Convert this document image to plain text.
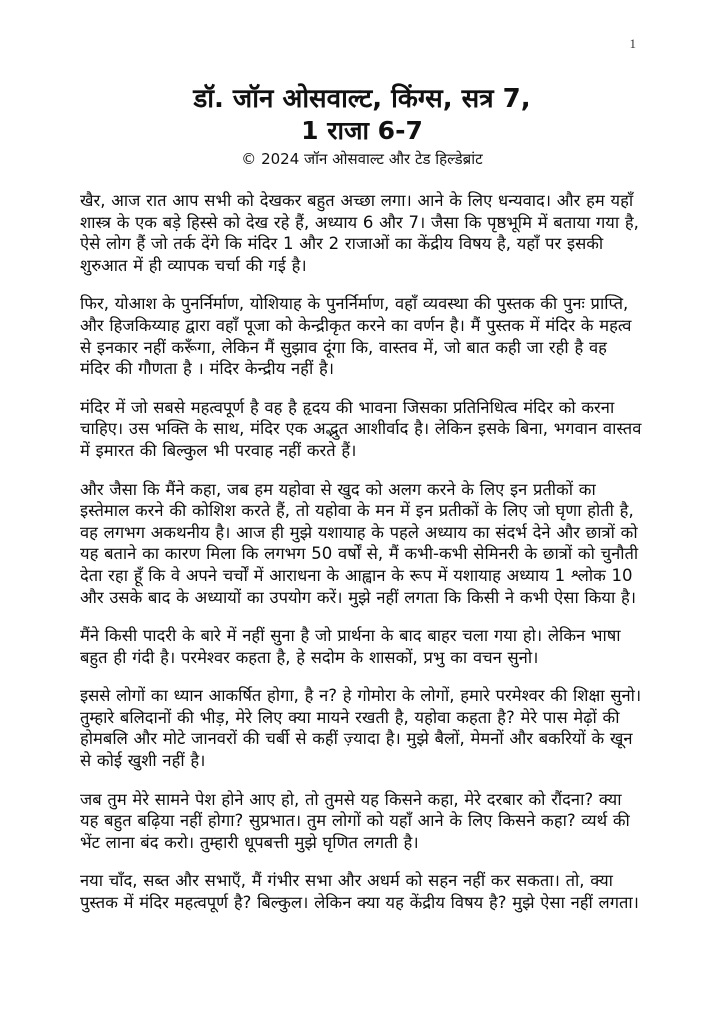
1
डॉ. जॉन ओसवाल्ट, किंग्स, सत्र 7,
1 राजा 6-7
© 2024 जॉन ओसवाल्ट और टेड हिल्डेब्रांट

खैर, आज रात आप सभी को देखकर बहुत अच्छा लगा। आने के लिए धन्यवाद। और हम यहाँ शास्त्र के एक बड़े हिस्से को देख रहे हैं, अध्याय 6 और 7। जैसा कि पृष्ठभूमि में बताया गया है, ऐसे लोग हैं जो तर्क देंगे कि मंदिर 1 और 2 राजाओं का केंद्रीय विषय है, यहाँ पर इसकी शुरुआत में ही व्यापक चर्चा की गई है।

फिर, योआश के पुनर्निर्माण, योशियाह के पुनर्निर्माण, वहाँ व्यवस्था की पुस्तक की पुनः प्राप्ति, और हिजकिय्याह द्वारा वहाँ पूजा को केन्द्रीकृत करने का वर्णन है। मैं पुस्तक में मंदिर के महत्व से इनकार नहीं करूँगा, लेकिन मैं सुझाव दूंगा कि, वास्तव में, जो बात कही जा रही है वह मंदिर की गौणता है । मंदिर केन्द्रीय नहीं है।

मंदिर में जो सबसे महत्वपूर्ण है वह है हृदय की भावना जिसका प्रतिनिधित्व मंदिर को करना चाहिए। उस भक्ति के साथ, मंदिर एक अद्भुत आशीर्वाद है। लेकिन इसके बिना, भगवान वास्तव में इमारत की बिल्कुल भी परवाह नहीं करते हैं।

और जैसा कि मैंने कहा, जब हम यहोवा से खुद को अलग करने के लिए इन प्रतीकों का इस्तेमाल करने की कोशिश करते हैं, तो यहोवा के मन में इन प्रतीकों के लिए जो घृणा होती है, वह लगभग अकथनीय है। आज ही मुझे यशायाह के पहले अध्याय का संदर्भ देने और छात्रों को यह बताने का कारण मिला कि लगभग 50 वर्षों से, मैं कभी-कभी सेमिनरी के छात्रों को चुनौती देता रहा हूँ कि वे अपने चर्चों में आराधना के आह्वान के रूप में यशायाह अध्याय 1 श्लोक 10 और उसके बाद के अध्यायों का उपयोग करें। मुझे नहीं लगता कि किसी ने कभी ऐसा किया है।

मैंने किसी पादरी के बारे में नहीं सुना है जो प्रार्थना के बाद बाहर चला गया हो। लेकिन भाषा बहुत ही गंदी है। परमेश्वर कहता है, हे सदोम के शासकों, प्रभु का वचन सुनो।

इससे लोगों का ध्यान आकर्षित होगा, है न? हे गोमोरा के लोगों, हमारे परमेश्वर की शिक्षा सुनो। तुम्हारे बलिदानों की भीड़, मेरे लिए क्या मायने रखती है, यहोवा कहता है? मेरे पास मेढ़ों की होमबलि और मोटे जानवरों की चर्बी से कहीं ज़्यादा है। मुझे बैलों, मेमनों और बकरियों के खून से कोई खुशी नहीं है।

जब तुम मेरे सामने पेश होने आए हो, तो तुमसे यह किसने कहा, मेरे दरबार को रौंदना? क्या यह बहुत बढ़िया नहीं होगा? सुप्रभात। तुम लोगों को यहाँ आने के लिए किसने कहा? व्यर्थ की भेंट लाना बंद करो। तुम्हारी धूपबत्ती मुझे घृणित लगती है।

नया चाँद, सब्त और सभाएँ, मैं गंभीर सभा और अधर्म को सहन नहीं कर सकता। तो, क्या पुस्तक में मंदिर महत्वपूर्ण है? बिल्कुल। लेकिन क्या यह केंद्रीय विषय है? मुझे ऐसा नहीं लगता।
